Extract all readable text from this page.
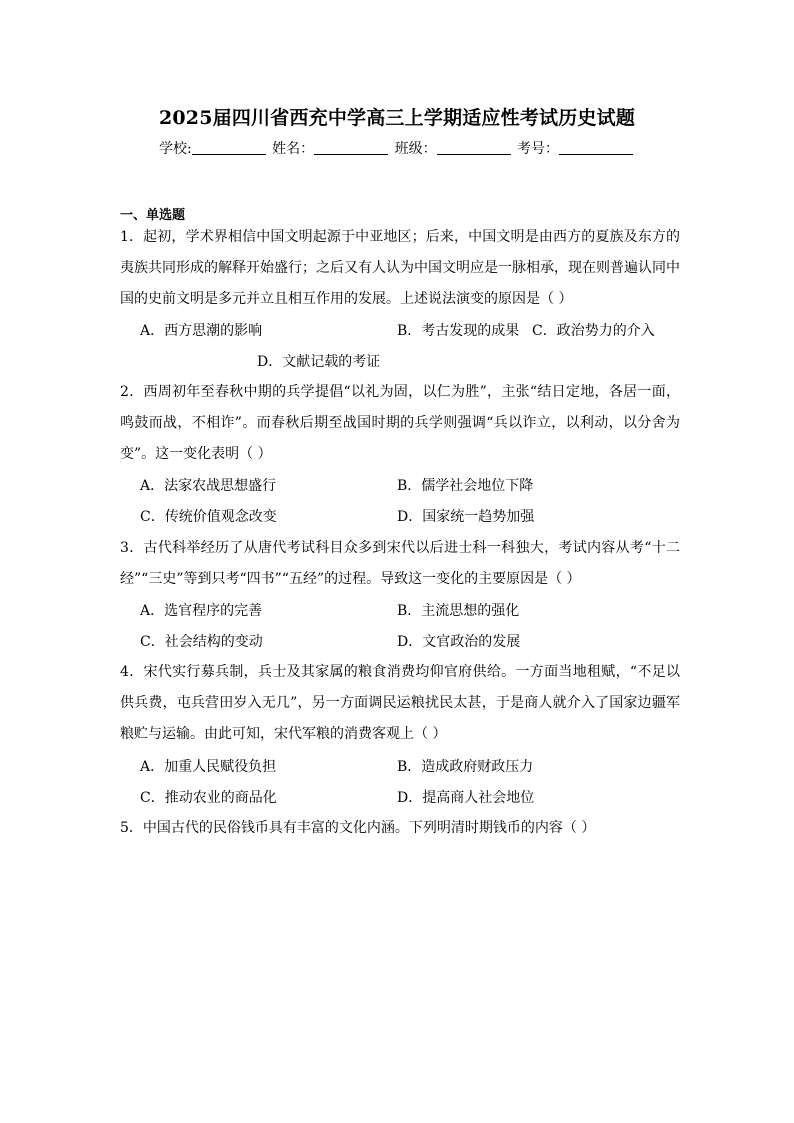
2025届四川省西充中学高三上学期适应性考试历史试题
学校:	姓名：	班级：	考号：
一、单选题
1．起初，学术界相信中国文明起源于中亚地区；后来，中国文明是由西方的夏族及东方的夷族共同形成的解释开始盛行；之后又有人认为中国文明应是一脉相承，现在则普遍认同中国的史前文明是多元并立且相互作用的发展。上述说法演变的原因是（ ）
A．西方思潮的影响	B．考古发现的成果 C．政治势力的介入
D．文献记载的考证
2．西周初年至春秋中期的兵学提倡“以礼为固，以仁为胜”，主张“结日定地，各居一面，鸣鼓而战，不相诈”。而春秋后期至战国时期的兵学则强调“兵以诈立，以利动，以分舍为变”。这一变化表明（ ）
A．法家农战思想盛行	B．儒学社会地位下降
C．传统价值观念改变	D．国家统一趋势加强
3．古代科举经历了从唐代考试科目众多到宋代以后进士科一科独大，考试内容从考“十二经”“三史”等到只考“四书”“五经”的过程。导致这一变化的主要原因是（ ）
A．选官程序的完善	B．主流思想的强化
C．社会结构的变动	D．文官政治的发展
4．宋代实行募兵制，兵士及其家属的粮食消费均仰官府供给。一方面当地租赋，“不足以供兵费，屯兵营田岁入无几”，另一方面调民运粮扰民太甚，于是商人就介入了国家边疆军粮贮与运输。由此可知，宋代军粮的消费客观上（ ）
A．加重人民赋役负担	B．造成政府财政压力
C．推动农业的商品化	D．提高商人社会地位
5．中国古代的民俗钱币具有丰富的文化内涵。下列明清时期钱币的内容（ ）
